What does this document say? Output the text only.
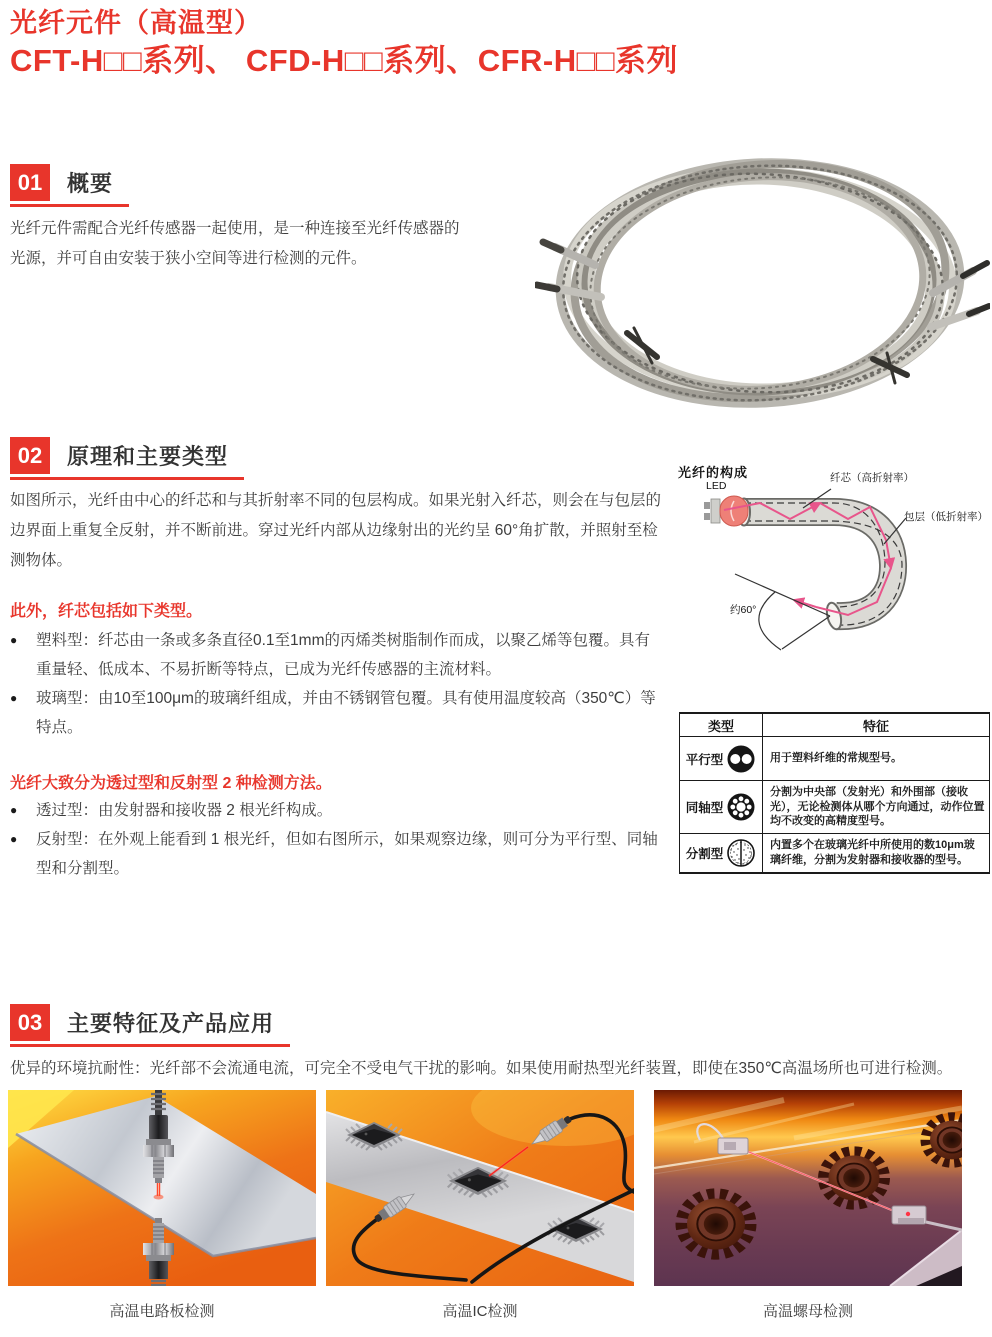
光纤元件（高温型）
CFT-H□□系列、 CFD-H□□系列、CFR-H□□系列
01	概要
光纤元件需配合光纤传感器一起使用，是一种连接至光纤传感器的光源，并可自由安装于狭小空间等进行检测的元件。
02	原理和主要类型
如图所示，光纤由中心的纤芯和与其折射率不同的包层构成。如果光射入纤芯，则会在与包层的边界面上重复全反射，并不断前进。穿过光纤内部从边缘射出的光约呈 60°角扩散，并照射至检测物体。
此外，纤芯包括如下类型。
●
塑料型：纤芯由一条或多条直径0.1至1mm的丙烯类树脂制作而成，以聚乙烯等包覆。具有重量轻、低成本、不易折断等特点，已成为光纤传感器的主流材料。
●
玻璃型：由10至100μm的玻璃纤组成，并由不锈钢管包覆。具有使用温度较高（350℃）等特点。
光纤大致分为透过型和反射型 2 种检测方法。
●
透过型：由发射器和接收器 2 根光纤构成。
●
反射型：在外观上能看到 1 根光纤，但如右图所示，如果观察边缘，则可分为平行型、同轴型和分割型。
光纤的构成
LED
纤芯（高折射率）
包层（低折射率）
约60°
类型	特征

平行型	用于塑料纤维的常规型号。

同轴型	分割为中央部（发射光）和外围部（接收光），无论检测体从哪个方向通过，动作位置均不改变的高精度型号。

分割型	内置多个在玻璃光纤中所使用的数10μm玻璃纤维，分割为发射器和接收器的型号。
03	主要特征及产品应用
优异的环境抗耐性：光纤部不会流通电流，可完全不受电气干扰的影响。如果使用耐热型光纤装置，即使在350℃高温场所也可进行检测。
高温电路板检测	高温IC检测	高温螺母检测
